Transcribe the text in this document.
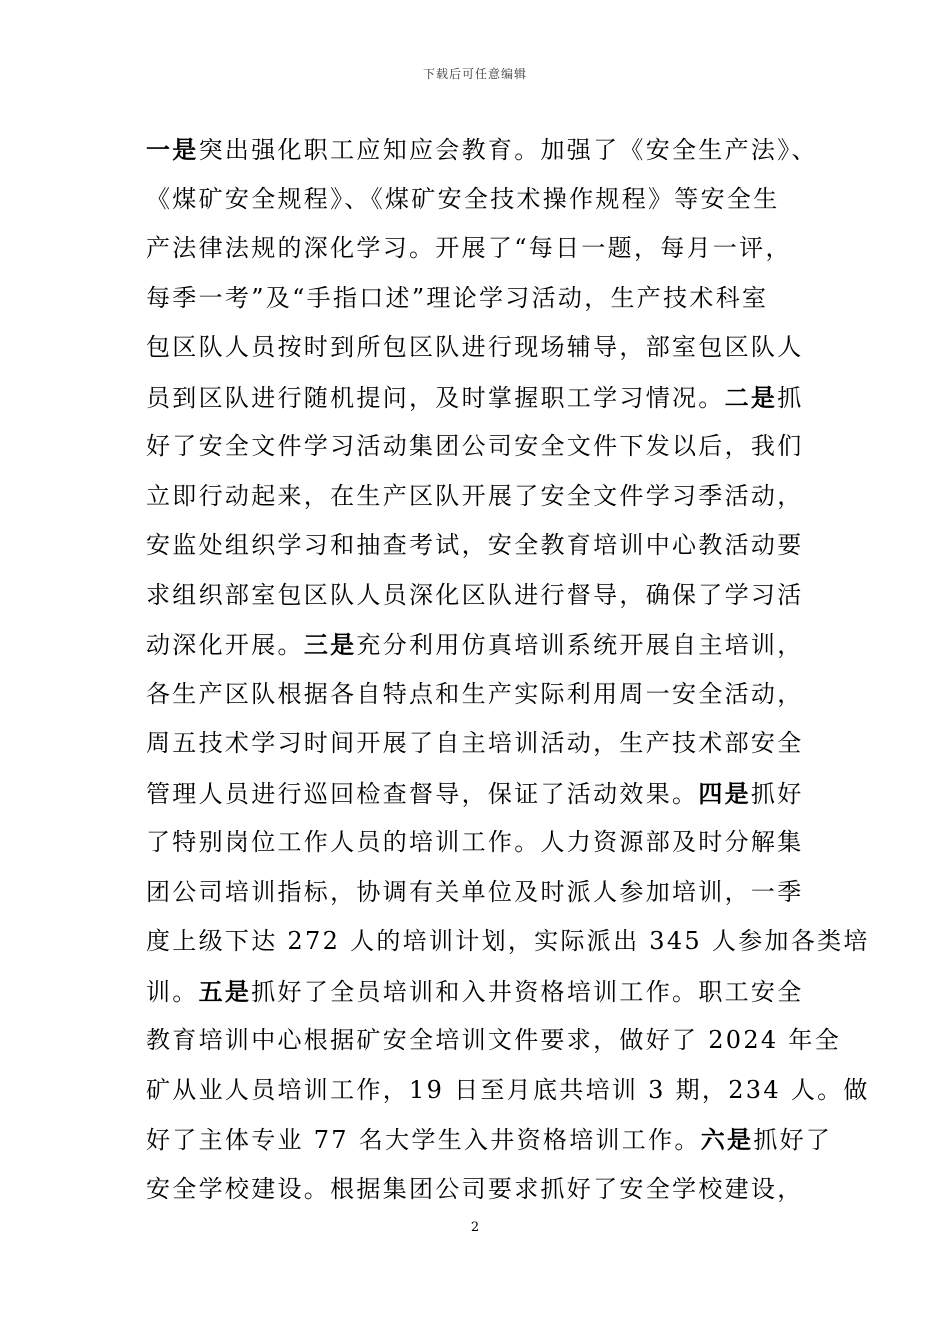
下载后可任意编辑
一是突出强化职工应知应会教育。加强了《安全生产法》、
《煤矿安全规程》、《煤矿安全技术操作规程》等安全生
产法律法规的深化学习。开展了“每日一题，每月一评，
每季一考”及“手指口述”理论学习活动，生产技术科室
包区队人员按时到所包区队进行现场辅导，部室包区队人
员到区队进行随机提问，及时掌握职工学习情况。二是抓
好了安全文件学习活动集团公司安全文件下发以后，我们
立即行动起来，在生产区队开展了安全文件学习季活动，
安监处组织学习和抽查考试，安全教育培训中心教活动要
求组织部室包区队人员深化区队进行督导，确保了学习活
动深化开展。三是充分利用仿真培训系统开展自主培训，
各生产区队根据各自特点和生产实际利用周一安全活动，
周五技术学习时间开展了自主培训活动，生产技术部安全
管理人员进行巡回检查督导，保证了活动效果。四是抓好
了特别岗位工作人员的培训工作。人力资源部及时分解集
团公司培训指标，协调有关单位及时派人参加培训，一季
度上级下达 272 人的培训计划，实际派出 345 人参加各类培
训。五是抓好了全员培训和入井资格培训工作。职工安全
教育培训中心根据矿安全培训文件要求，做好了 2024 年全
矿从业人员培训工作，19 日至月底共培训 3 期，234 人。做
好了主体专业 77 名大学生入井资格培训工作。六是抓好了
安全学校建设。根据集团公司要求抓好了安全学校建设，
2
